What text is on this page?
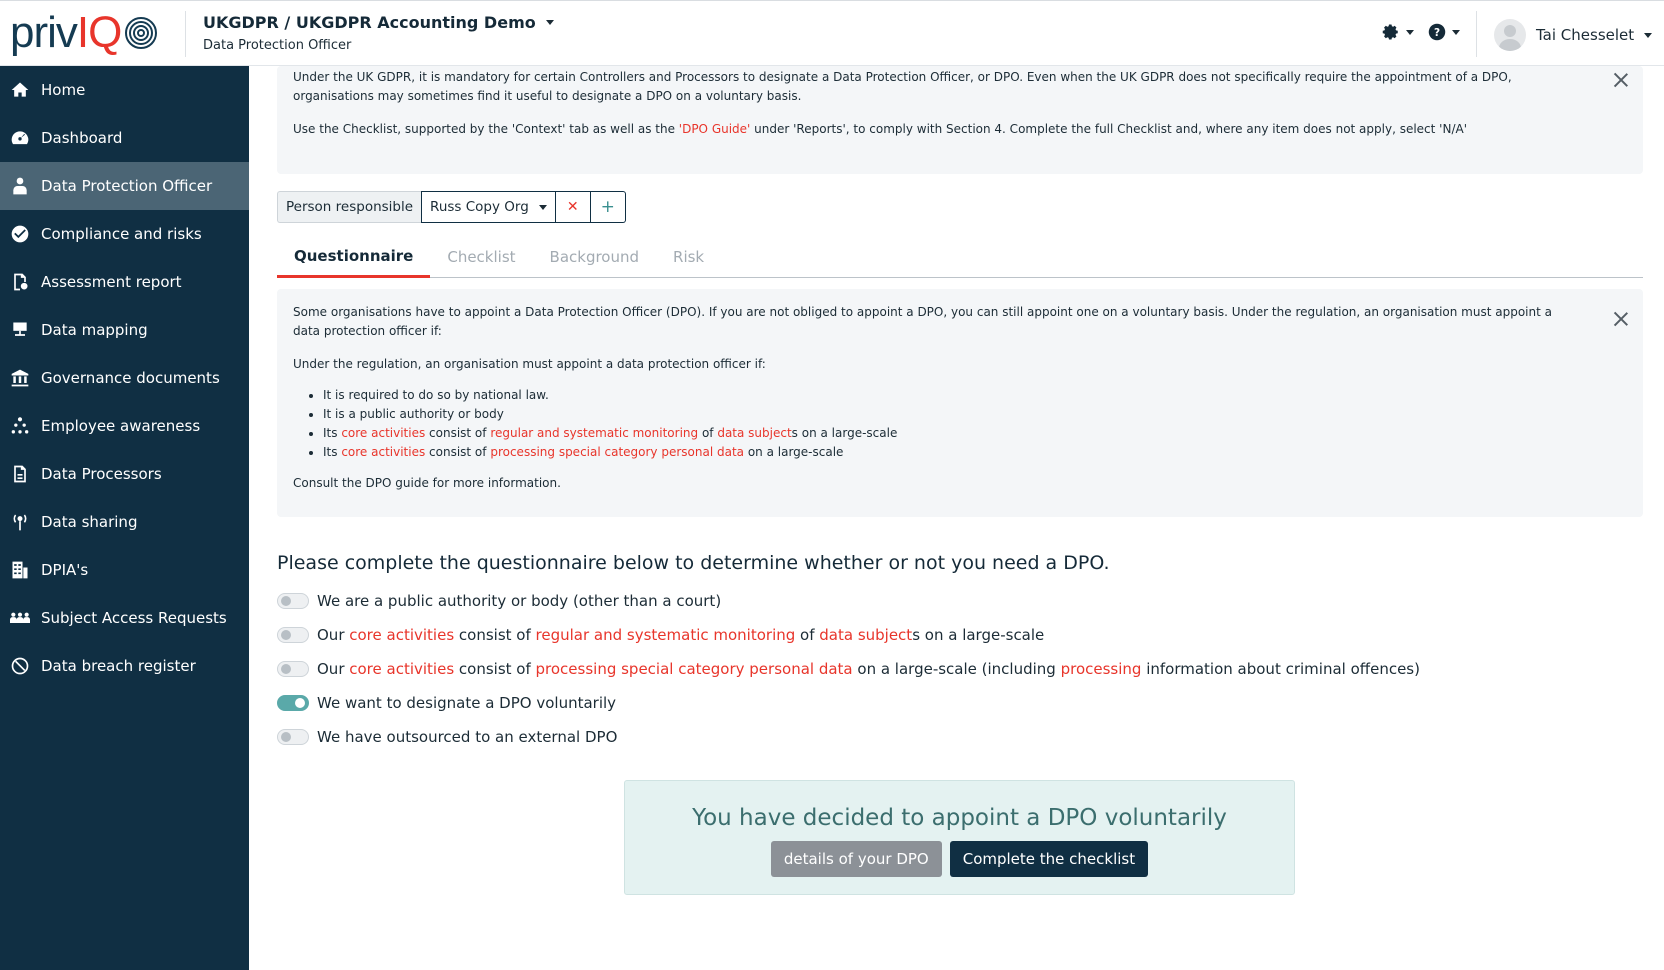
privIQ	UKGDPR / UKGDPR Accounting Demo
Data Protection Officer
?	Tai Chesselet
Home
Dashboard
Data Protection Officer
Compliance and risks
Assessment report
Data mapping
Governance documents
Employee awareness
Data Processors
Data sharing
DPIA's
Subject Access Requests
Data breach register

Under the UK GDPR, it is mandatory for certain Controllers and Processors to designate a Data Protection Officer, or DPO. Even when the UK GDPR does not specifically require the appointment of a DPO, organisations may sometimes find it useful to designate a DPO on a voluntary basis.

Use the Checklist, supported by the 'Context' tab as well as the 'DPO Guide' under 'Reports', to comply with Section 4. Complete the full Checklist and, where any item does not apply, select 'N/A'

Person responsible	Russ Copy Org	✕	+
Questionnaire	Checklist	Background	Risk

Some organisations have to appoint a Data Protection Officer (DPO). If you are not obliged to appoint a DPO, you can still appoint one on a voluntary basis. Under the regulation, an organisation must appoint a data protection officer if:

Under the regulation, an organisation must appoint a data protection officer if:

• It is required to do so by national law.
• It is a public authority or body
• Its core activities consist of regular and systematic monitoring of data subjects on a large-scale
• Its core activities consist of processing special category personal data on a large-scale

Consult the DPO guide for more information.

Please complete the questionnaire below to determine whether or not you need a DPO.
We are a public authority or body (other than a court)
Our core activities consist of regular and systematic monitoring of data subjects on a large-scale
Our core activities consist of processing special category personal data on a large-scale (including processing information about criminal offences)
We want to designate a DPO voluntarily
We have outsourced to an external DPO
You have decided to appoint a DPO voluntarily
details of your DPO	Complete the checklist
